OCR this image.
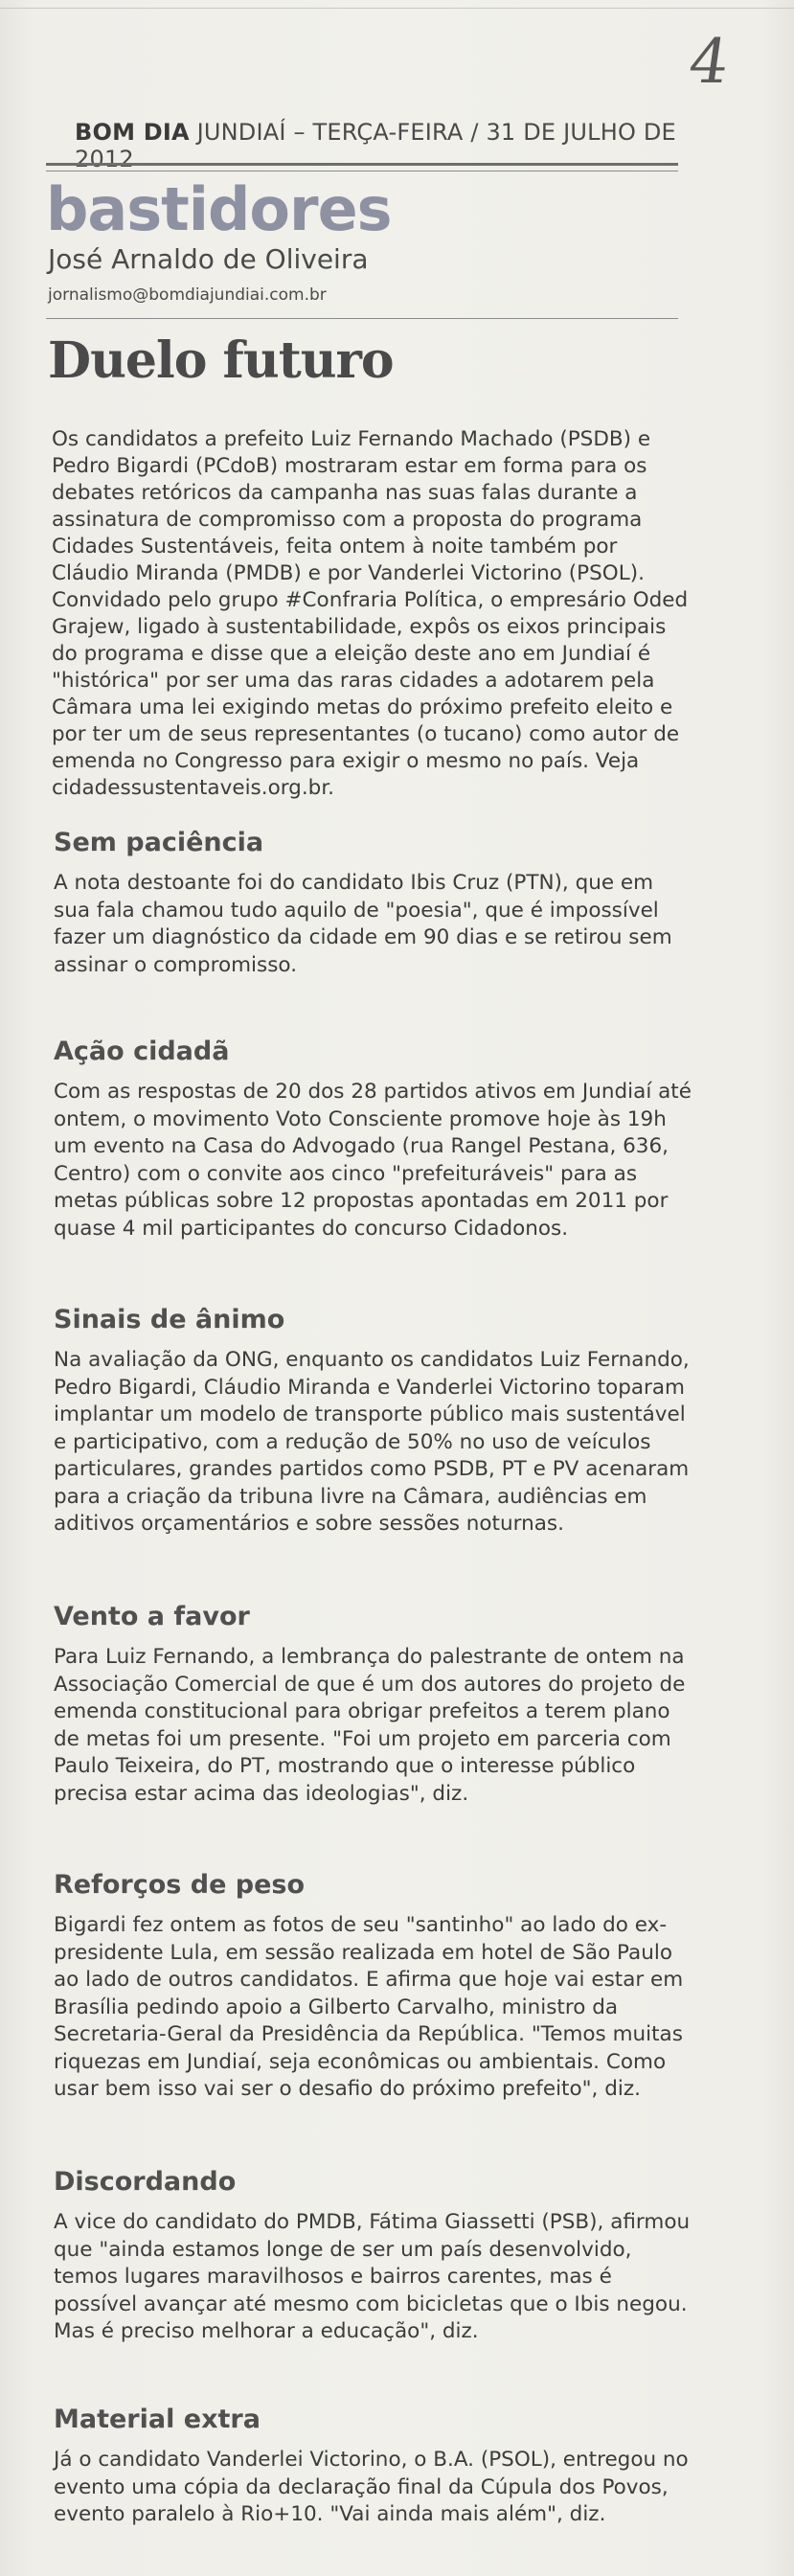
4
BOM DIA JUNDIAÍ – TERÇA-FEIRA / 31 DE JULHO DE 2012
bastidores
José Arnaldo de Oliveira
jornalismo@bomdiajundiai.com.br
Duelo futuro
Os candidatos a prefeito Luiz Fernando Machado (PSDB) e Pedro Bigardi (PCdoB) mostraram estar em forma para os debates retóricos da campanha nas suas falas durante a assinatura de compromisso com a proposta do programa Cidades Sustentáveis, feita ontem à noite também por Cláudio Miranda (PMDB) e por Vanderlei Victorino (PSOL). Convidado pelo grupo #Confraria Política, o empresário Oded Grajew, ligado à sustentabilidade, expôs os eixos principais do programa e disse que a eleição deste ano em Jundiaí é "histórica" por ser uma das raras cidades a adotarem pela Câmara uma lei exigindo metas do próximo prefeito eleito e por ter um de seus representantes (o tucano) como autor de emenda no Congresso para exigir o mesmo no país. Veja cidadessustentaveis.org.br.
Sem paciência
A nota destoante foi do candidato Ibis Cruz (PTN), que em sua fala chamou tudo aquilo de "poesia", que é impossível fazer um diagnóstico da cidade em 90 dias e se retirou sem assinar o compromisso.
Ação cidadã
Com as respostas de 20 dos 28 partidos ativos em Jundiaí até ontem, o movimento Voto Consciente promove hoje às 19h um evento na Casa do Advogado (rua Rangel Pestana, 636, Centro) com o convite aos cinco "prefeituráveis" para as metas públicas sobre 12 propostas apontadas em 2011 por quase 4 mil participantes do concurso Cidadonos.
Sinais de ânimo
Na avaliação da ONG, enquanto os candidatos Luiz Fernando, Pedro Bigardi, Cláudio Miranda e Vanderlei Victorino toparam implantar um modelo de transporte público mais sustentável e participativo, com a redução de 50% no uso de veículos particulares, grandes partidos como PSDB, PT e PV acenaram para a criação da tribuna livre na Câmara, audiências em aditivos orçamentários e sobre sessões noturnas.
Vento a favor
Para Luiz Fernando, a lembrança do palestrante de ontem na Associação Comercial de que é um dos autores do projeto de emenda constitucional para obrigar prefeitos a terem plano de metas foi um presente. "Foi um projeto em parceria com Paulo Teixeira, do PT, mostrando que o interesse público precisa estar acima das ideologias", diz.
Reforços de peso
Bigardi fez ontem as fotos de seu "santinho" ao lado do ex-presidente Lula, em sessão realizada em hotel de São Paulo ao lado de outros candidatos. E afirma que hoje vai estar em Brasília pedindo apoio a Gilberto Carvalho, ministro da Secretaria-Geral da Presidência da República. "Temos muitas riquezas em Jundiaí, seja econômicas ou ambientais. Como usar bem isso vai ser o desafio do próximo prefeito", diz.
Discordando
A vice do candidato do PMDB, Fátima Giassetti (PSB), afirmou que "ainda estamos longe de ser um país desenvolvido, temos lugares maravilhosos e bairros carentes, mas é possível avançar até mesmo com bicicletas que o Ibis negou. Mas é preciso melhorar a educação", diz.
Material extra
Já o candidato Vanderlei Victorino, o B.A. (PSOL), entregou no evento uma cópia da declaração final da Cúpula dos Povos, evento paralelo à Rio+10. "Vai ainda mais além", diz.
